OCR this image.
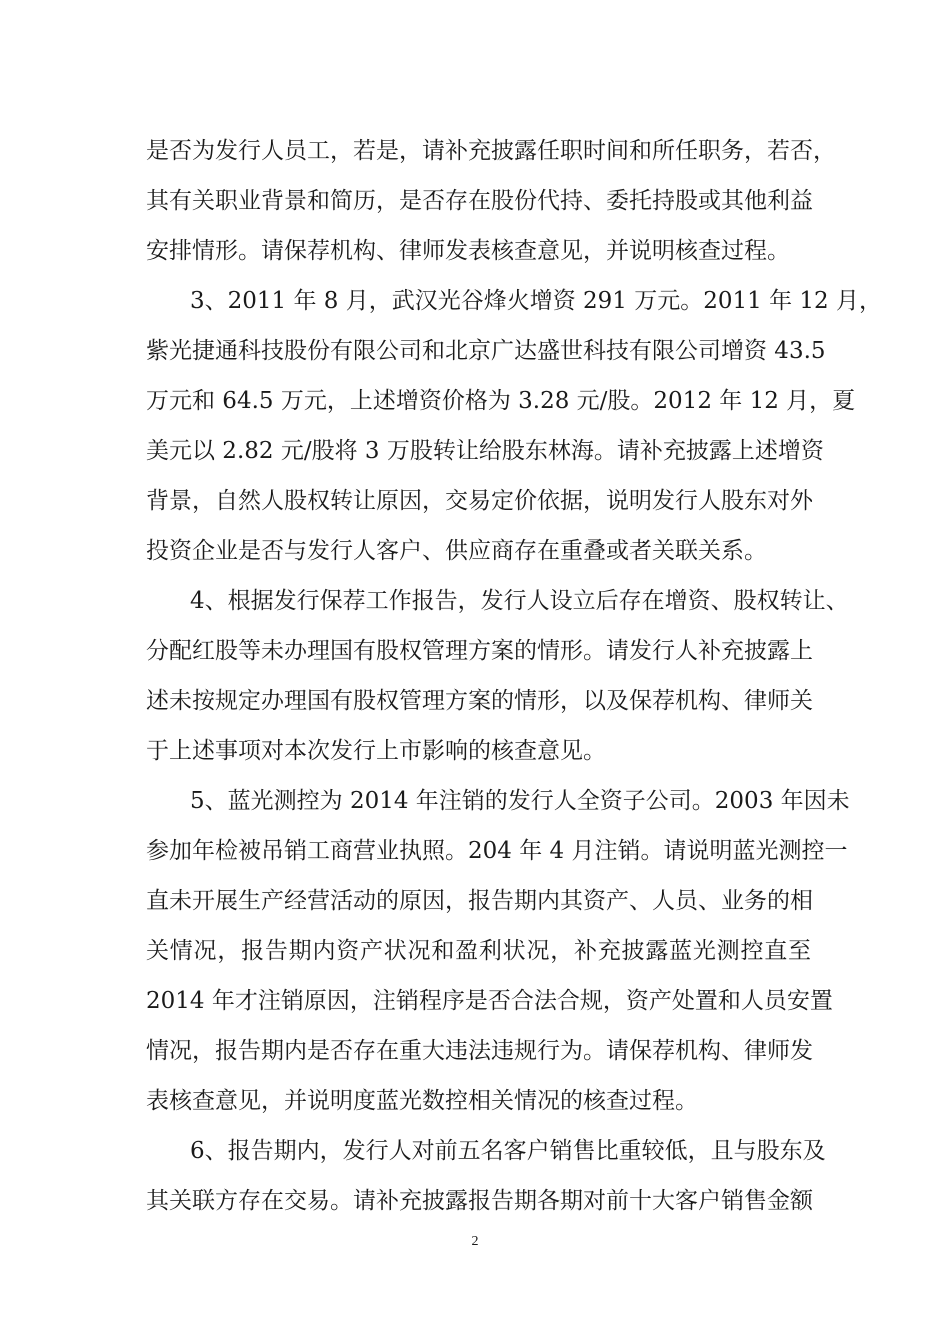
是否为发行人员工，若是，请补充披露任职时间和所任职务，若否，
其有关职业背景和简历，是否存在股份代持、委托持股或其他利益
安排情形。请保荐机构、律师发表核查意见，并说明核查过程。
3、2011 年 8 月，武汉光谷烽火增资 291 万元。2011 年 12 月，
紫光捷通科技股份有限公司和北京广达盛世科技有限公司增资 43.5
万元和 64.5 万元，上述增资价格为 3.28 元/股。2012 年 12 月，夏
美元以 2.82 元/股将 3 万股转让给股东林海。请补充披露上述增资
背景，自然人股权转让原因，交易定价依据，说明发行人股东对外
投资企业是否与发行人客户、供应商存在重叠或者关联关系。
4、根据发行保荐工作报告，发行人设立后存在增资、股权转让、
分配红股等未办理国有股权管理方案的情形。请发行人补充披露上
述未按规定办理国有股权管理方案的情形，以及保荐机构、律师关
于上述事项对本次发行上市影响的核查意见。
5、蓝光测控为 2014 年注销的发行人全资子公司。2003 年因未
参加年检被吊销工商营业执照。204 年 4 月注销。请说明蓝光测控一
直未开展生产经营活动的原因，报告期内其资产、人员、业务的相
关情况，报告期内资产状况和盈利状况，补充披露蓝光测控直至
2014 年才注销原因，注销程序是否合法合规，资产处置和人员安置
情况，报告期内是否存在重大违法违规行为。请保荐机构、律师发
表核查意见，并说明度蓝光数控相关情况的核查过程。
6、报告期内，发行人对前五名客户销售比重较低，且与股东及
其关联方存在交易。请补充披露报告期各期对前十大客户销售金额
2
